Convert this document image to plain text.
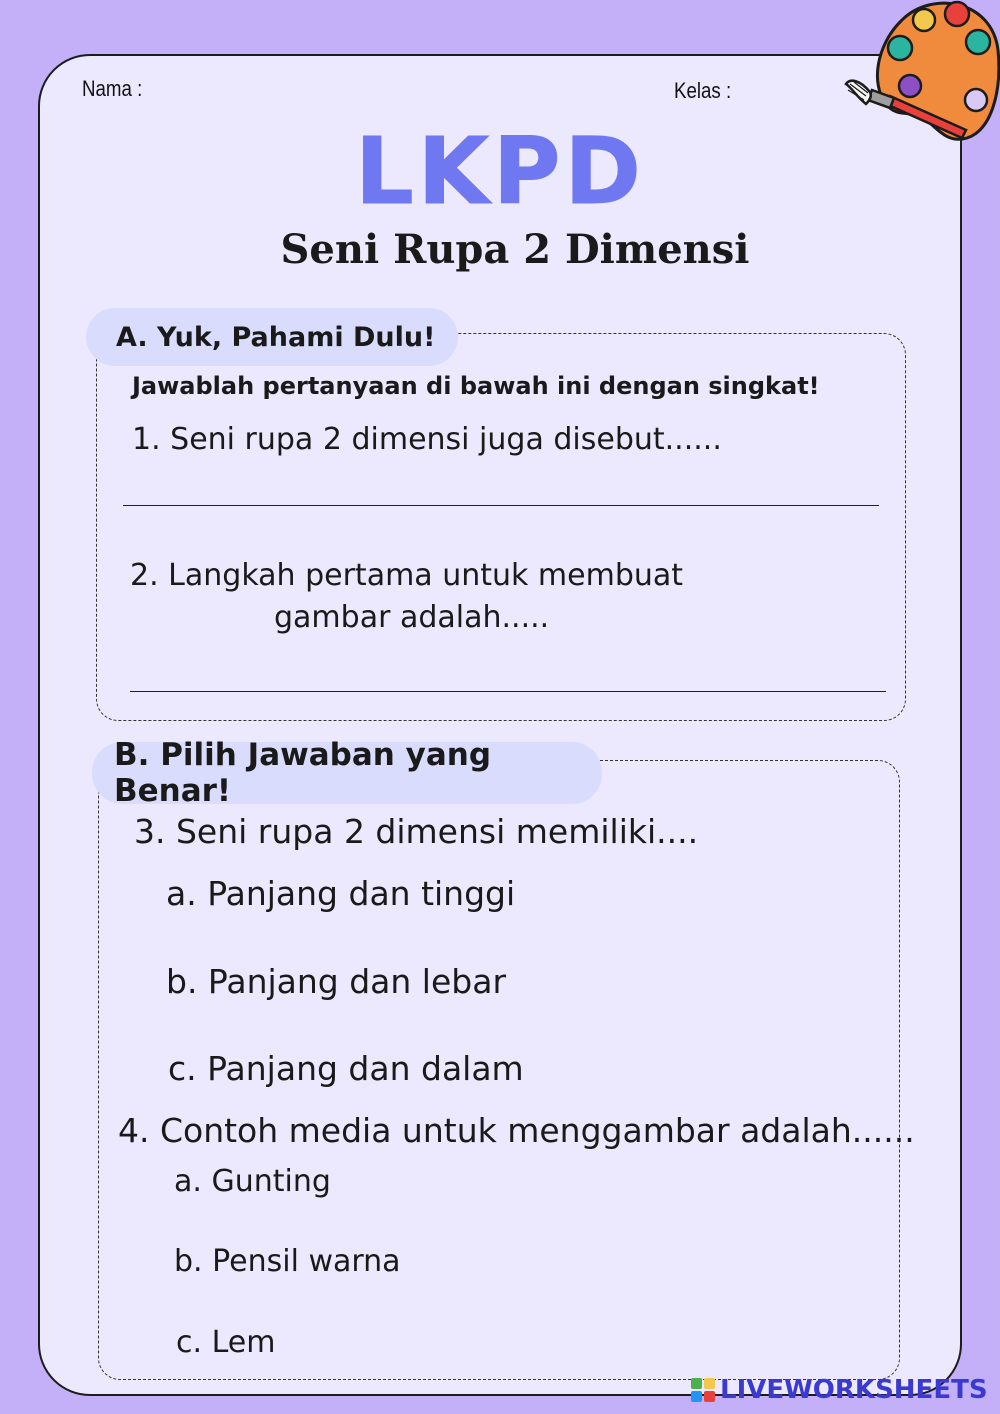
Nama :	Kelas :
LKPD
Seni Rupa 2 Dimensi
A. Yuk, Pahami Dulu!
Jawablah pertanyaan di bawah ini dengan singkat!
1. Seni rupa 2 dimensi juga disebut......
2. Langkah pertama untuk membuat
gambar adalah.....
B. Pilih Jawaban yang Benar!
3. Seni rupa 2 dimensi memiliki....
a. Panjang dan tinggi
b. Panjang dan lebar
c. Panjang dan dalam
4. Contoh media untuk menggambar adalah......
a. Gunting
b. Pensil warna
c. Lem
LIVEWORKSHEETS
